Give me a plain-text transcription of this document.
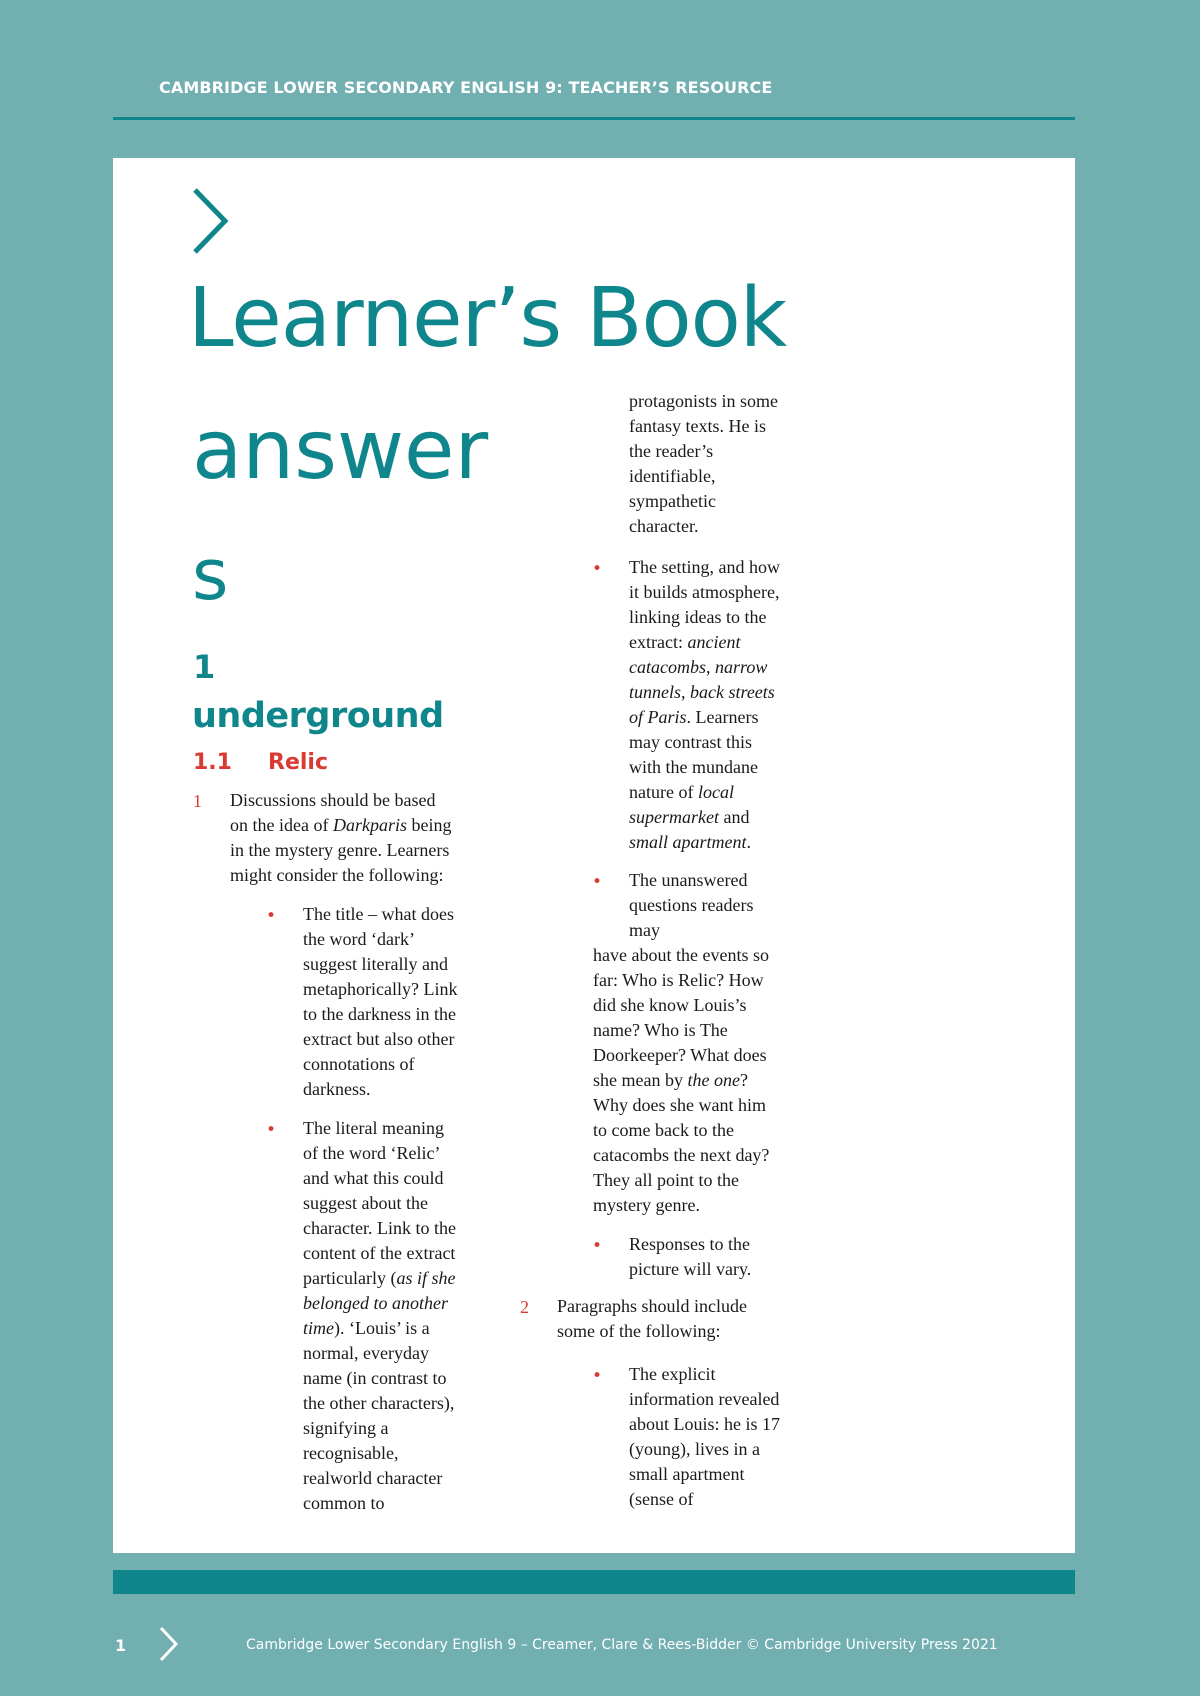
CAMBRIDGE LOWER SECONDARY ENGLISH 9: TEACHER’S RESOURCE
Learner’s Book
answer
s
1
underground
1.1 Relic
1 Discussions should be based

on the idea of Darkparis being

in the mystery genre. Learners

might consider the following:

• The title – what does

the word ‘dark’

suggest literally and

metaphorically? Link

to the darkness in the

extract but also other

connotations of

darkness.

• The literal meaning

of the word ‘Relic’

and what this could

suggest about the

character. Link to the

content of the extract

particularly (as if she

belonged to another

time). ‘Louis’ is a

normal, everyday

name (in contrast to

the other characters),

signifying a

recognisable,

realworld character

common to

protagonists in some

fantasy texts. He is

the reader’s

identifiable,

sympathetic

character.

• The setting, and how

it builds atmosphere,

linking ideas to the

extract: ancient

catacombs, narrow

tunnels, back streets

of Paris. Learners

may contrast this

with the mundane

nature of local

supermarket and

small apartment.

• The unanswered

questions readers

may

have about the events so

far: Who is Relic? How

did she know Louis’s

name? Who is The

Doorkeeper? What does

she mean by the one?

Why does she want him

to come back to the

catacombs the next day?

They all point to the

mystery genre.

• Responses to the

picture will vary.

2 Paragraphs should include

some of the following:

• The explicit

information revealed

about Louis: he is 17

(young), lives in a

small apartment

(sense of

1	Cambridge Lower Secondary English 9 – Creamer, Clare & Rees-Bidder © Cambridge University Press 2021
